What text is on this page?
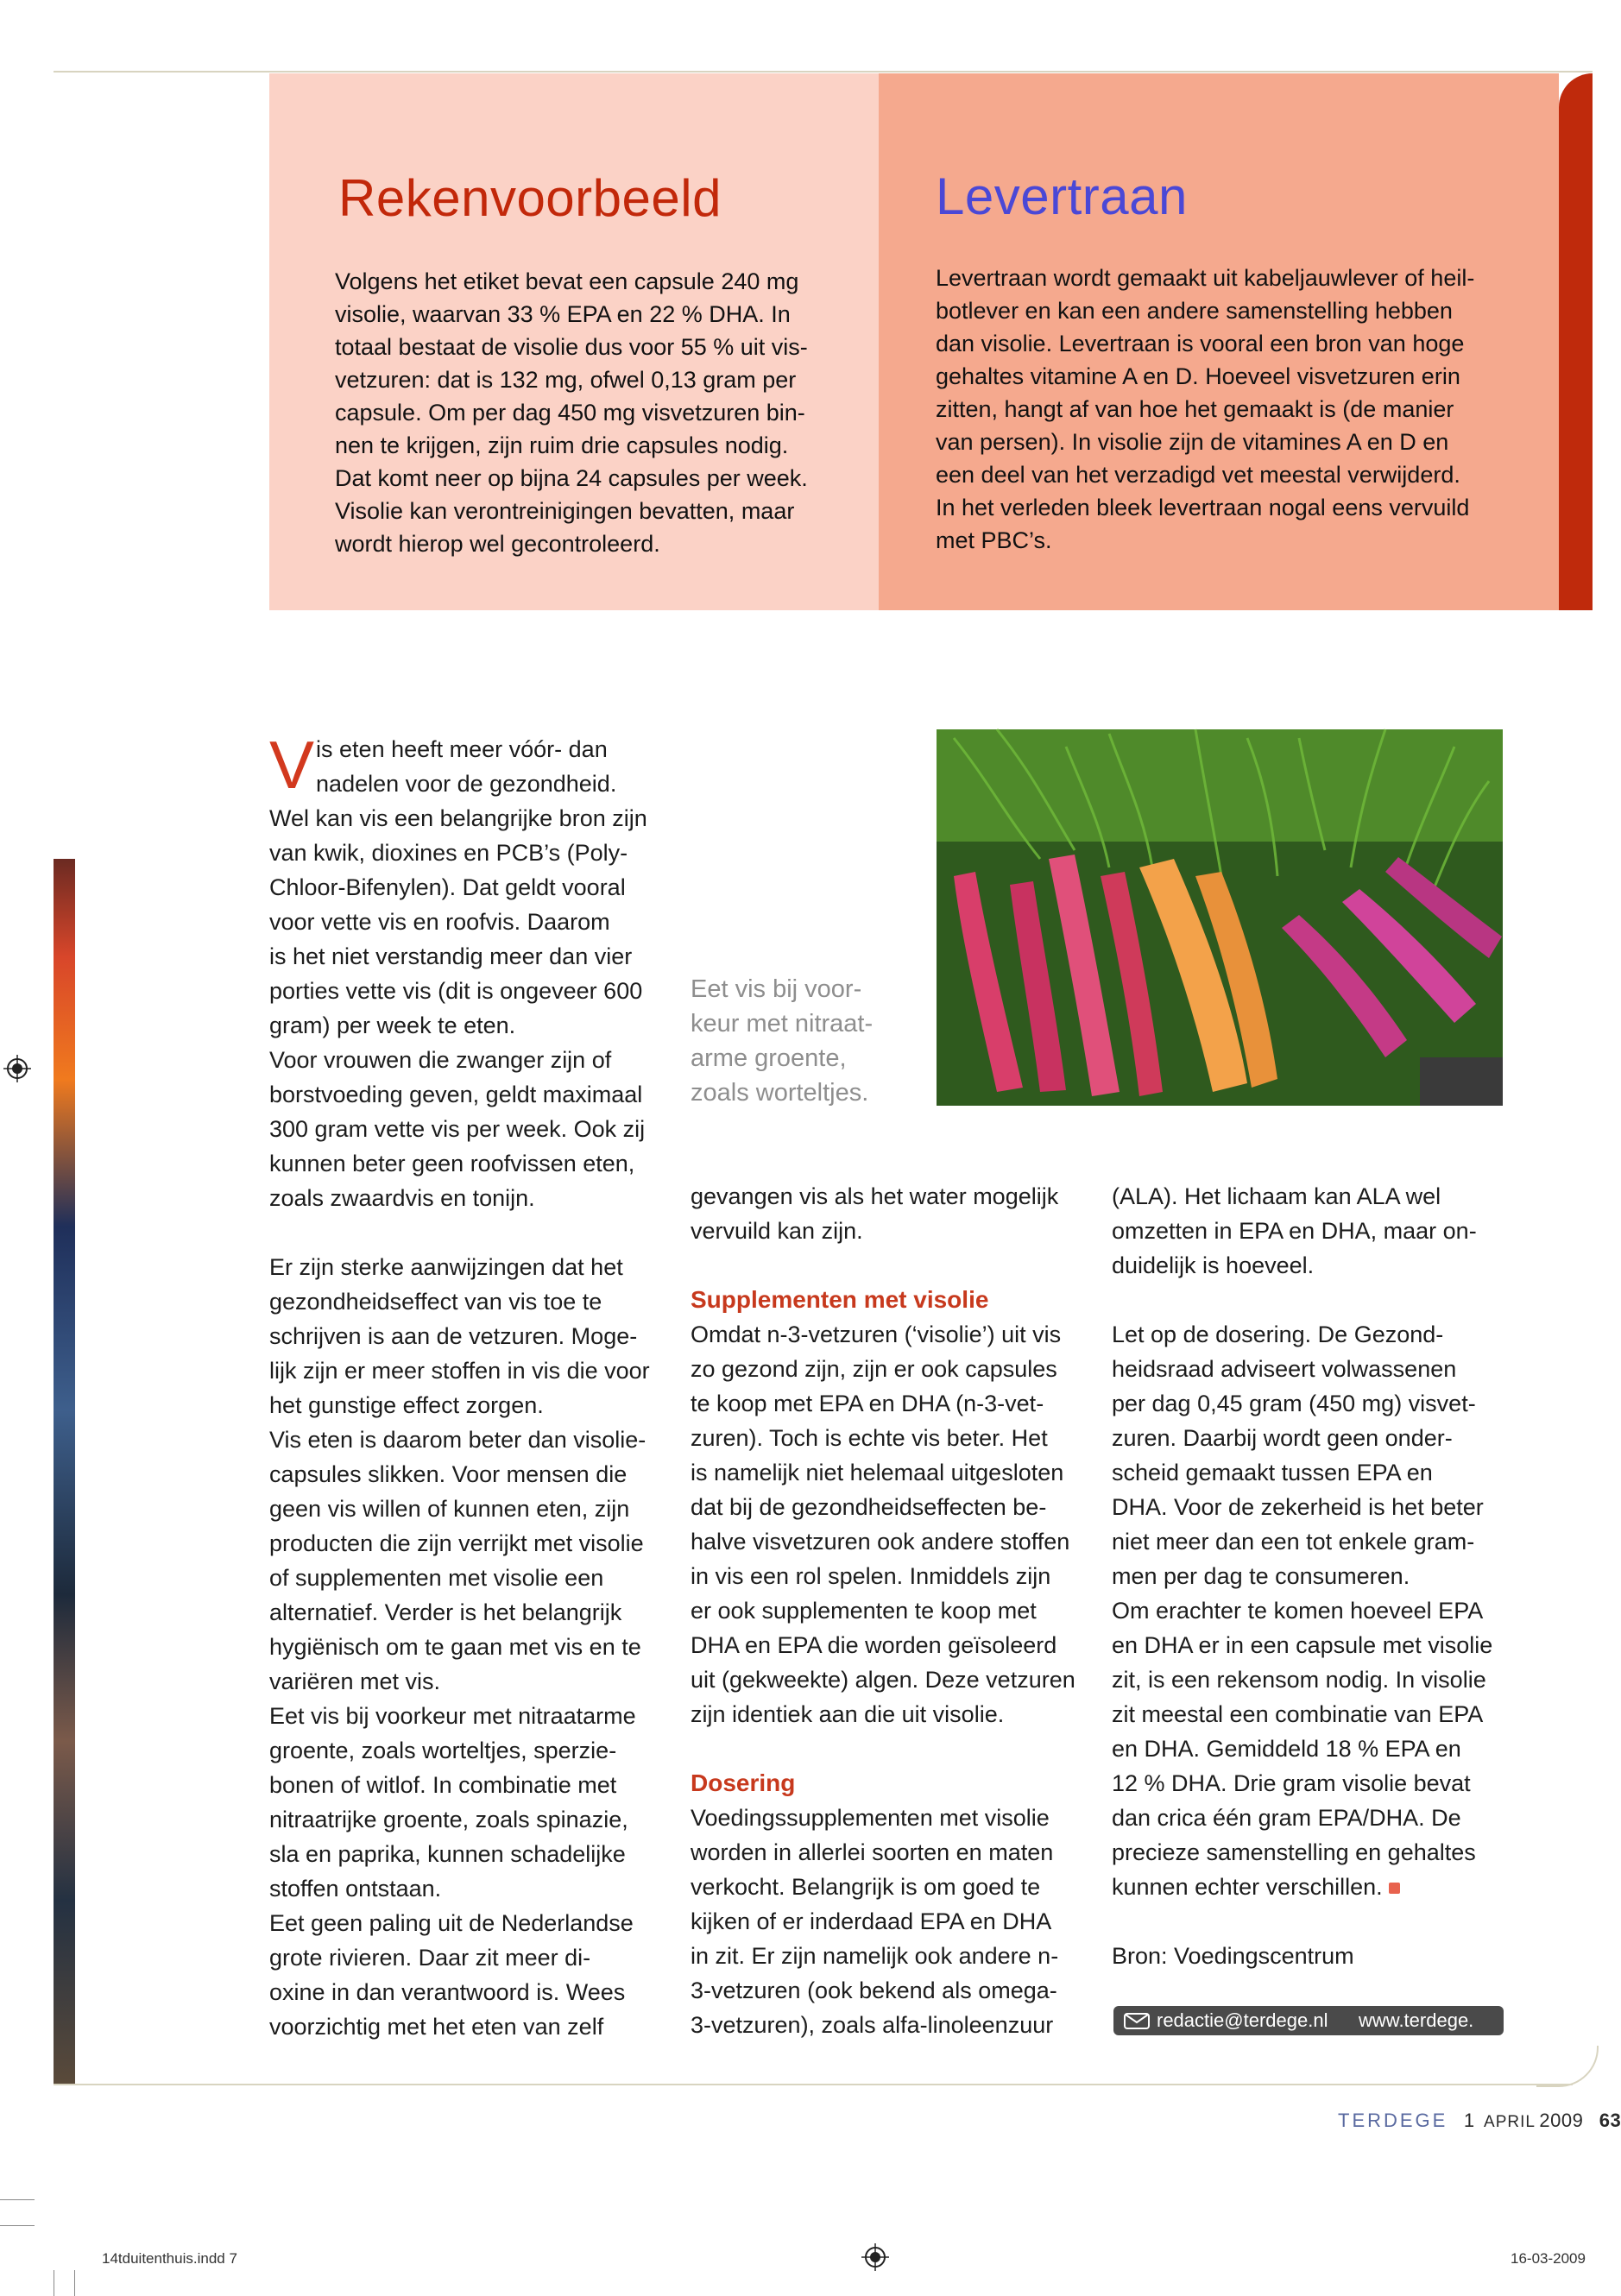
Rekenvoorbeeld

Volgens het etiket bevat een capsule 240 mg

visolie, waarvan 33 % EPA en 22 % DHA. In

totaal bestaat de visolie dus voor 55 % uit vis-

vetzuren: dat is 132 mg, ofwel 0,13 gram per

capsule. Om per dag 450 mg visvetzuren bin-

nen te krijgen, zijn ruim drie capsules nodig.

Dat komt neer op bijna 24 capsules per week.

Visolie kan verontreinigingen bevatten, maar

wordt hierop wel gecontroleerd.

Levertraan

Levertraan wordt gemaakt uit kabeljauwlever of heil-

botlever en kan een andere samenstelling hebben

dan visolie. Levertraan is vooral een bron van hoge

gehaltes vitamine A en D. Hoeveel visvetzuren erin

zitten, hangt af van hoe het gemaakt is (de manier

van persen). In visolie zijn de vitamines A en D en

een deel van het verzadigd vet meestal verwijderd.

In het verleden bleek levertraan nogal eens vervuild

met PBC’s.

V is eten heeft meer vóór- dan

nadelen voor de gezondheid.

Wel kan vis een belangrijke bron zijn

van kwik, dioxines en PCB’s (Poly-

Chloor-Bifenylen). Dat geldt vooral

voor vette vis en roofvis. Daarom

is het niet verstandig meer dan vier

porties vette vis (dit is ongeveer 600

gram) per week te eten.

Voor vrouwen die zwanger zijn of

borstvoeding geven, geldt maximaal

300 gram vette vis per week. Ook zij

kunnen beter geen roofvissen eten,

zoals zwaardvis en tonijn.

Er zijn sterke aanwijzingen dat het

gezondheidseffect van vis toe te

schrijven is aan de vetzuren. Moge-

lijk zijn er meer stoffen in vis die voor

het gunstige effect zorgen.

Vis eten is daarom beter dan visolie-

capsules slikken. Voor mensen die

geen vis willen of kunnen eten, zijn

producten die zijn verrijkt met visolie

of supplementen met visolie een

alternatief. Verder is het belangrijk

hygiënisch om te gaan met vis en te

variëren met vis.

Eet vis bij voorkeur met nitraatarme

groente, zoals worteltjes, sperzie-

bonen of witlof. In combinatie met

nitraatrijke groente, zoals spinazie,

sla en paprika, kunnen schadelijke

stoffen ontstaan.

Eet geen paling uit de Nederlandse

grote rivieren. Daar zit meer di-

oxine in dan verantwoord is. Wees

voorzichtig met het eten van zelf

Eet vis bij voor-

keur met nitraat-

arme groente,

zoals worteltjes.

gevangen vis als het water mogelijk

vervuild kan zijn.

Supplementen met visolie

Omdat n-3-vetzuren (‘visolie’) uit vis

zo gezond zijn, zijn er ook capsules

te koop met EPA en DHA (n-3-vet-

zuren). Toch is echte vis beter. Het

is namelijk niet helemaal uitgesloten

dat bij de gezondheidseffecten be-

halve visvetzuren ook andere stoffen

in vis een rol spelen. Inmiddels zijn

er ook supplementen te koop met

DHA en EPA die worden geïsoleerd

uit (gekweekte) algen. Deze vetzuren

zijn identiek aan die uit visolie.

Dosering

Voedingssupplementen met visolie

worden in allerlei soorten en maten

verkocht. Belangrijk is om goed te

kijken of er inderdaad EPA en DHA

in zit. Er zijn namelijk ook andere n-

3-vetzuren (ook bekend als omega-

3-vetzuren), zoals alfa-linoleenzuur

(ALA). Het lichaam kan ALA wel

omzetten in EPA en DHA, maar on-

duidelijk is hoeveel.

Let op de dosering. De Gezond-

heidsraad adviseert volwassenen

per dag 0,45 gram (450 mg) visvet-

zuren. Daarbij wordt geen onder-

scheid gemaakt tussen EPA en

DHA. Voor de zekerheid is het beter

niet meer dan een tot enkele gram-

men per dag te consumeren.

Om erachter te komen hoeveel EPA

en DHA er in een capsule met visolie

zit, is een rekensom nodig. In visolie

zit meestal een combinatie van EPA

en DHA. Gemiddeld 18 % EPA en

12 % DHA. Drie gram visolie bevat

dan crica één gram EPA/DHA. De

precieze samenstelling en gehaltes

kunnen echter verschillen.

Bron: Voedingscentrum

redactie@terdege.nl www.terdege.
TERDEGE 1 APRIL 2009 63
14tduitenthuis.indd 7	16-03-2009
